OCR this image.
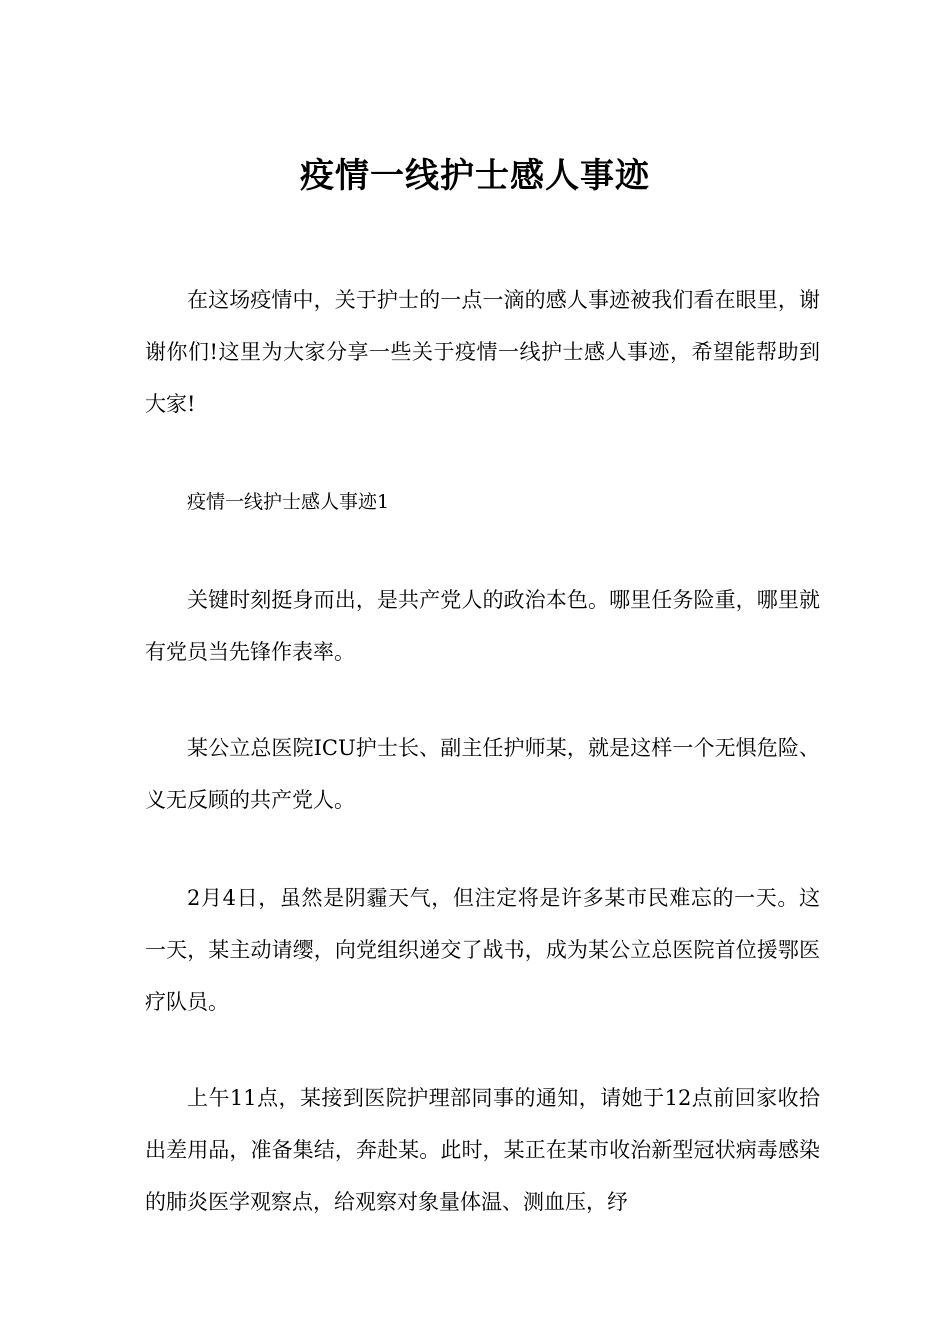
疫情一线护士感人事迹

在这场疫情中，关于护士的一点一滴的感人事迹被我们看在眼里，谢谢你们!这里为大家分享一些关于疫情一线护士感人事迹，希望能帮助到大家!

疫情一线护士感人事迹1

关键时刻挺身而出，是共产党人的政治本色。哪里任务险重，哪里就有党员当先锋作表率。

某公立总医院ICU护士长、副主任护师某，就是这样一个无惧危险、义无反顾的共产党人。

2月4日，虽然是阴霾天气，但注定将是许多某市民难忘的一天。这一天，某主动请缨，向党组织递交了战书，成为某公立总医院首位援鄂医疗队员。

上午11点，某接到医院护理部同事的通知，请她于12点前回家收拾出差用品，准备集结，奔赴某。此时，某正在某市收治新型冠状病毒感染的肺炎医学观察点，给观察对象量体温、测血压，纾
